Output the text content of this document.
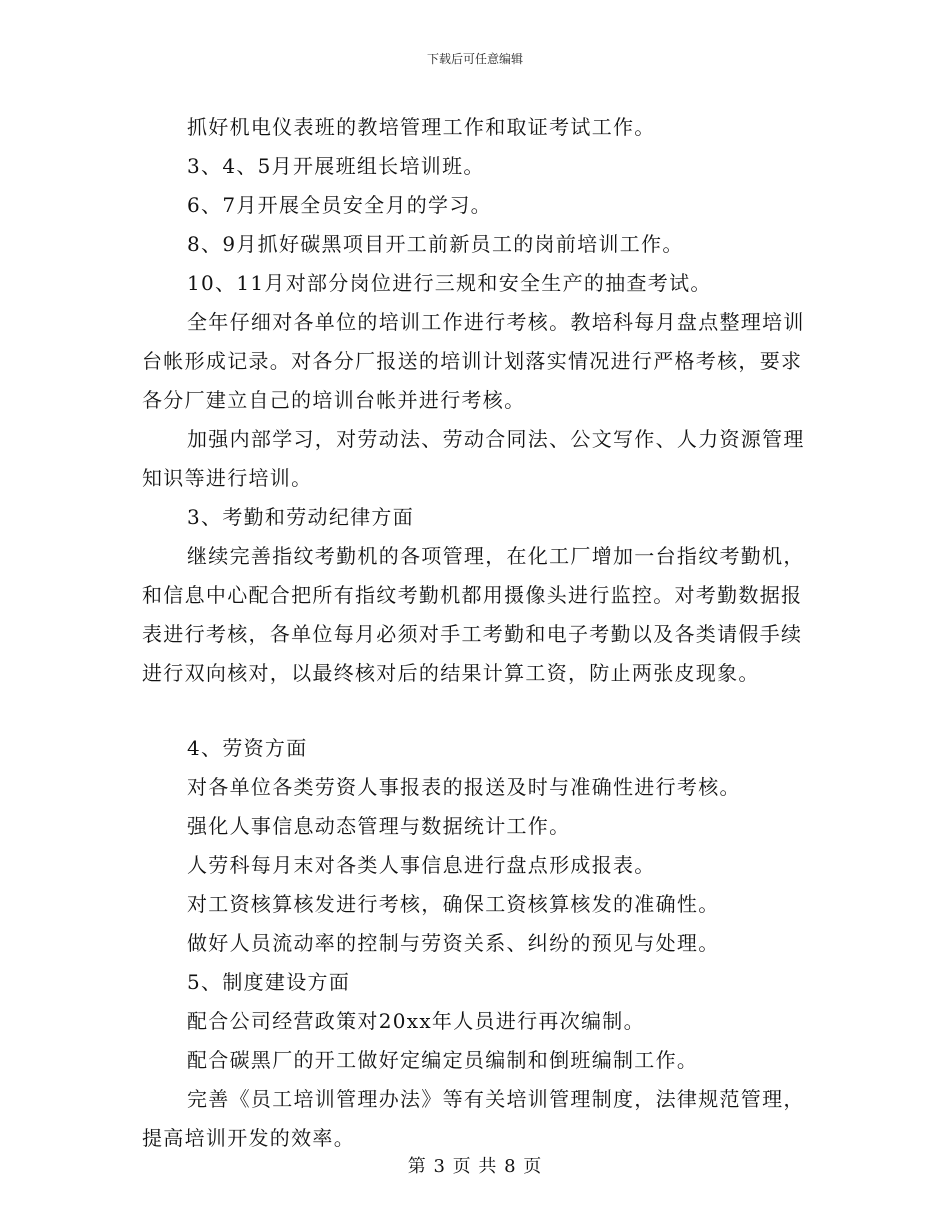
下载后可任意编辑

抓好机电仪表班的教培管理工作和取证考试工作。

3、4、5月开展班组长培训班。

6、7月开展全员安全月的学习。

8、9月抓好碳黑项目开工前新员工的岗前培训工作。

10、11月对部分岗位进行三规和安全生产的抽查考试。

全年仔细对各单位的培训工作进行考核。教培科每月盘点整理培训台帐形成记录。对各分厂报送的培训计划落实情况进行严格考核，要求各分厂建立自己的培训台帐并进行考核。

加强内部学习，对劳动法、劳动合同法、公文写作、人力资源管理知识等进行培训。

3、考勤和劳动纪律方面

继续完善指纹考勤机的各项管理，在化工厂增加一台指纹考勤机，和信息中心配合把所有指纹考勤机都用摄像头进行监控。对考勤数据报表进行考核，各单位每月必须对手工考勤和电子考勤以及各类请假手续进行双向核对，以最终核对后的结果计算工资，防止两张皮现象。

4、劳资方面

对各单位各类劳资人事报表的报送及时与准确性进行考核。

强化人事信息动态管理与数据统计工作。

人劳科每月末对各类人事信息进行盘点形成报表。

对工资核算核发进行考核，确保工资核算核发的准确性。

做好人员流动率的控制与劳资关系、纠纷的预见与处理。

5、制度建设方面

配合公司经营政策对20xx年人员进行再次编制。

配合碳黑厂的开工做好定编定员编制和倒班编制工作。

完善《员工培训管理办法》等有关培训管理制度，法律规范管理，提高培训开发的效率。

第 3 页 共 8 页
